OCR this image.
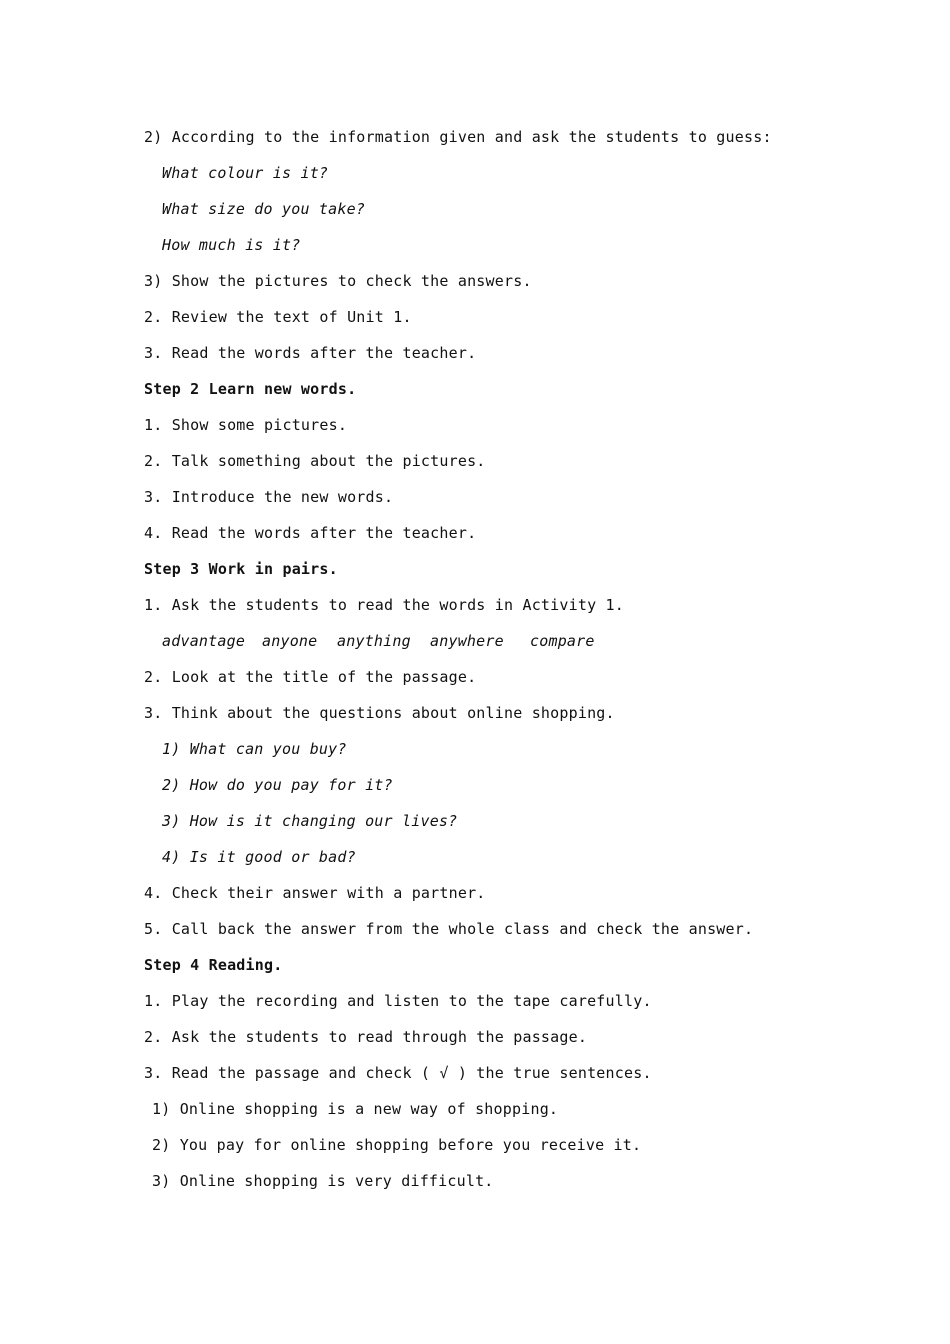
2) According to the information given and ask the students to guess:
What colour is it?
What size do you take?
How much is it?
3) Show the pictures to check the answers.
2. Review the text of Unit 1.
3. Read the words after the teacher.
Step 2 Learn new words.
1. Show some pictures.
2. Talk something about the pictures.
3. Introduce the new words.
4. Read the words after the teacher.
Step 3 Work in pairs.
1. Ask the students to read the words in Activity 1.
advantage anyone anything anywhere compare
2. Look at the title of the passage.
3. Think about the questions about online shopping.
1) What can you buy?
2) How do you pay for it?
3) How is it changing our lives?
4) Is it good or bad?
4. Check their answer with a partner.
5. Call back the answer from the whole class and check the answer.
Step 4 Reading.
1. Play the recording and listen to the tape carefully.
2. Ask the students to read through the passage.
3. Read the passage and check ( √ ) the true sentences.
1) Online shopping is a new way of shopping.
2) You pay for online shopping before you receive it.
3) Online shopping is very difficult.
